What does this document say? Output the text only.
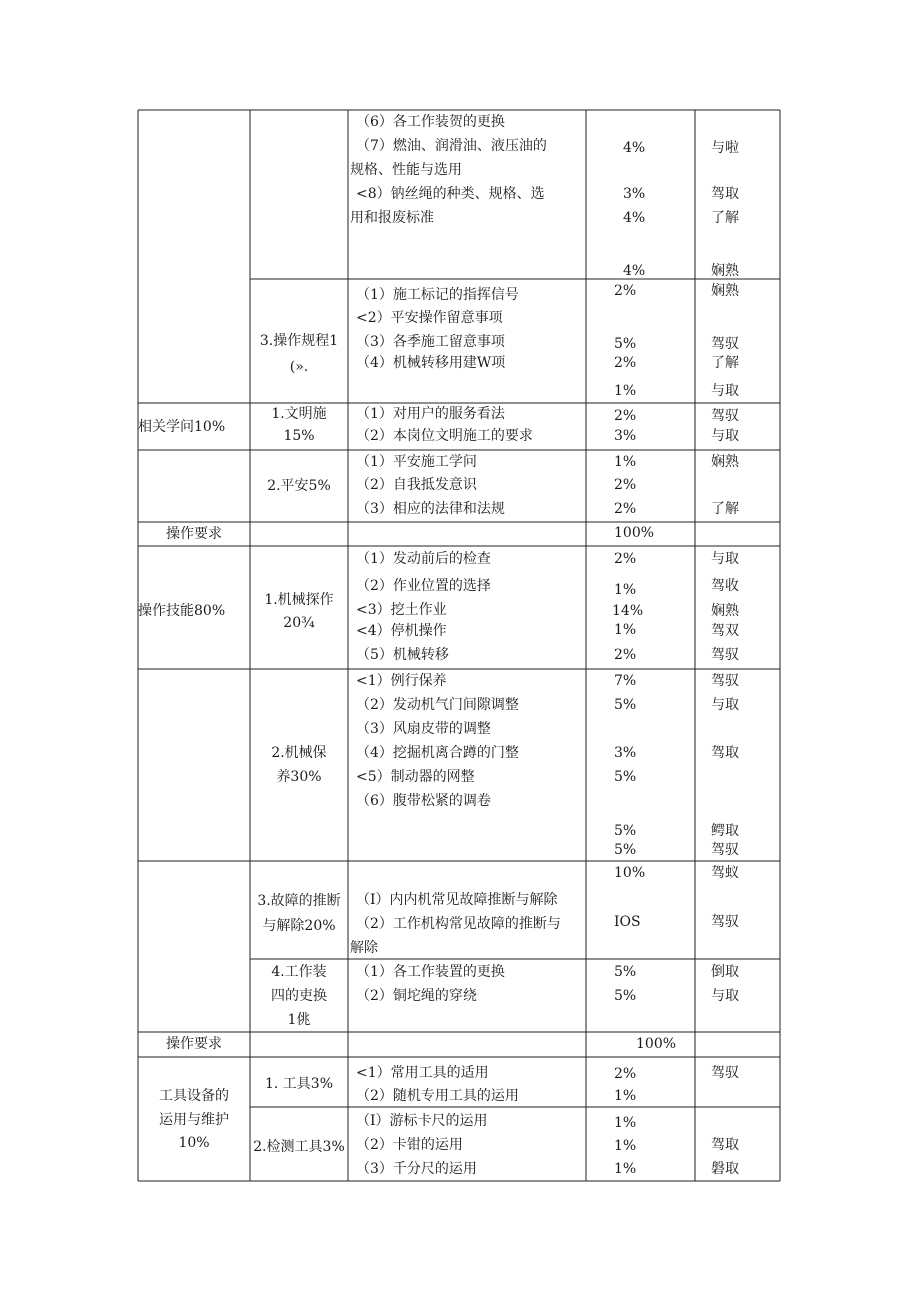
（6）各工作装贺的更换
（7）燃油、润滑油、液压油的
规格、性能与选用
<8）钠丝绳的种类、规格、选
用和报废标准
4%
3%
4%
4%
与啦
驾取
了解
娴熟
3.操作规程1
(».
（1）施工标记的指挥信号
<2）平安操作留意事项
（3）各季施工留意事项
（4）机械转移用建W项
2%
5%
2%
1%
娴熟
驾驭
了解
与取
相关学问10%
1.文明施
15%
（1）对用户的服务看法
（2）本岗位文明施工的要求
2%
3%
驾驭
与取
2.平安5%
（1）平安施工学问
（2）自我抵发意识
（3）相应的法律和法规
1%
2%
2%
娴熟
了解
操作要求	100%
操作技能80%
1.机械探作
20¾
（1）发动前后的检查
（2）作业位置的选择
<3）挖土作业
<4）停机操作
（5）机械转移
2%
1%
14%
1%
2%
与取
驾收
娴熟
驾双
驾驭
2.机械保
养30%
<1）例行保养
（2）发动机气门间隙调整
（3）风扇皮带的调整
（4）挖掘机离合蹲的门整
<5）制动器的网整
（6）腹带松紧的调卷
7%
5%
3%
5%
5%
5%
驾驭
与取
驾取
鳄取
驾驭
3.故障的推断
与解除20%
（I）内内机常见故障推断与解除
（2）工作机构常见故障的推断与
解除
10%
IOS
驾蚁
驾驭
4.工作装
四的吏换
1佻
（1）各工作装置的更换
（2）铜坨绳的穿绕
5%
5%
倒取
与取
操作要求	100%
工具设备的
运用与维护
10%
1. 工具3%
<1）常用工具的适用
（2）随机专用工具的运用
2%
1%
驾驭
2.检测工具3%
（I）游标卡尺的运用
（2）卡钳的运用
（3）千分尺的运用
1%
1%
1%
驾取
磐取
